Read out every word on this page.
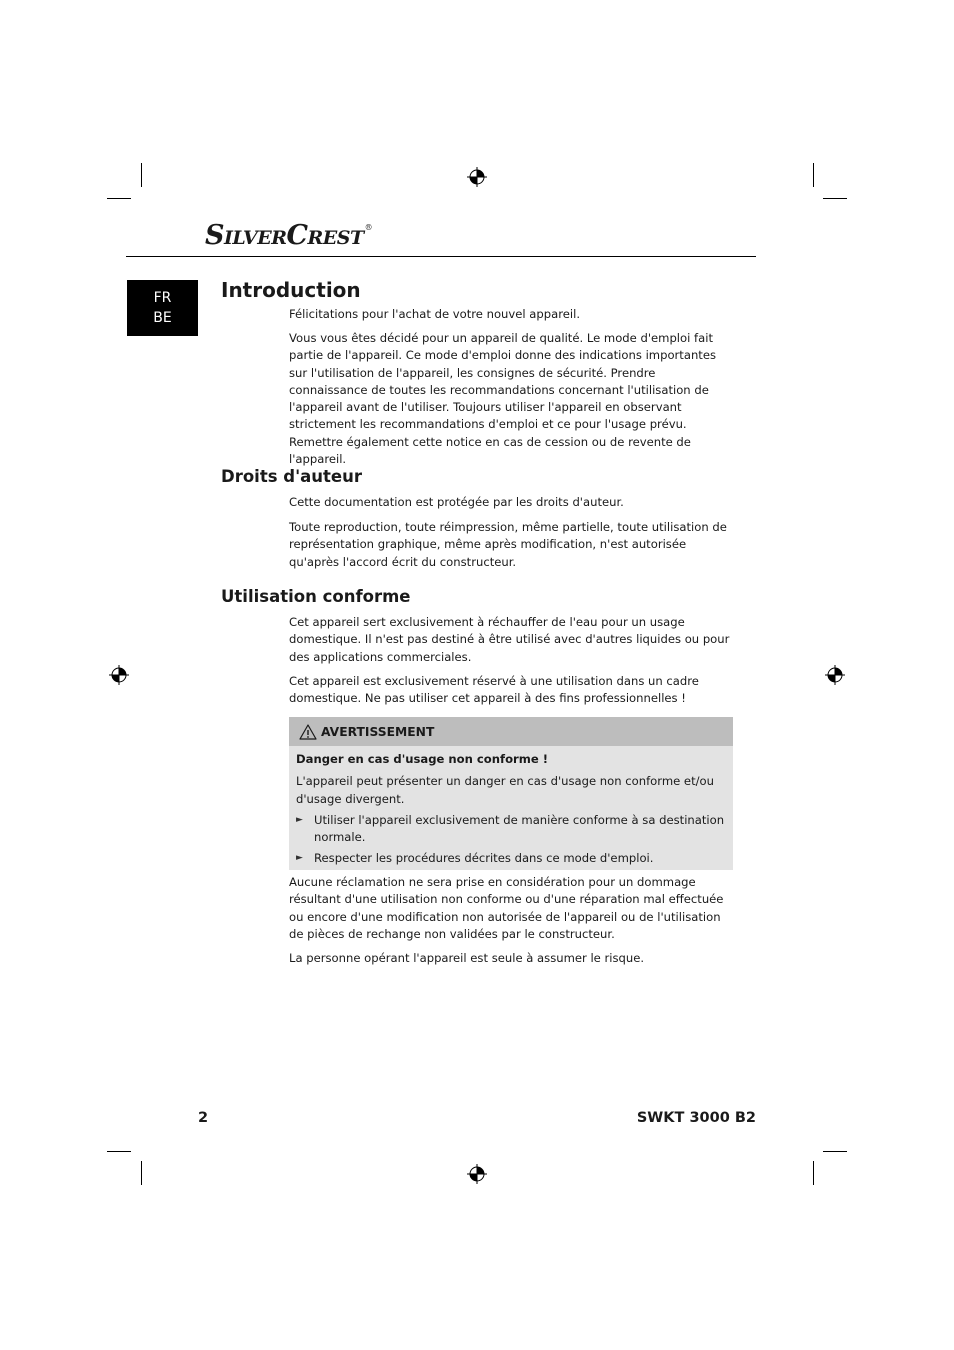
SILVERCREST®
FR
BE
Introduction

Félicitations pour l'achat de votre nouvel appareil.

Vous vous êtes décidé pour un appareil de qualité. Le mode d'emploi fait partie de l'appareil. Ce mode d'emploi donne des indications importantes sur l'utilisation de l'appareil, les consignes de sécurité. Prendre connaissance de toutes les recommandations concernant l'utilisation de l'appareil avant de l'utiliser. Toujours utiliser l'appareil en observant strictement les recommandations d'emploi et ce pour l'usage prévu. Remettre également cette notice en cas de cession ou de revente de l'appareil.

Droits d'auteur

Cette documentation est protégée par les droits d'auteur.

Toute reproduction, toute réimpression, même partielle, toute utilisation de représentation graphique, même après modification, n'est autorisée qu'après l'accord écrit du constructeur.

Utilisation conforme

Cet appareil sert exclusivement à réchauffer de l'eau pour un usage domestique. Il n'est pas destiné à être utilisé avec d'autres liquides ou pour des applications commerciales.

Cet appareil est exclusivement réservé à une utilisation dans un cadre domestique. Ne pas utiliser cet appareil à des fins professionnelles !

AVERTISSEMENT

Danger en cas d'usage non conforme !

L'appareil peut présenter un danger en cas d'usage non conforme et/ou d'usage divergent.

► Utiliser l'appareil exclusivement de manière conforme à sa destination normale.
► Respecter les procédures décrites dans ce mode d'emploi.

Aucune réclamation ne sera prise en considération pour un dommage résultant d'une utilisation non conforme ou d'une réparation mal effectuée ou encore d'une modification non autorisée de l'appareil ou de l'utilisation de pièces de rechange non validées par le constructeur.

La personne opérant l'appareil est seule à assumer le risque.

2	SWKT 3000 B2
